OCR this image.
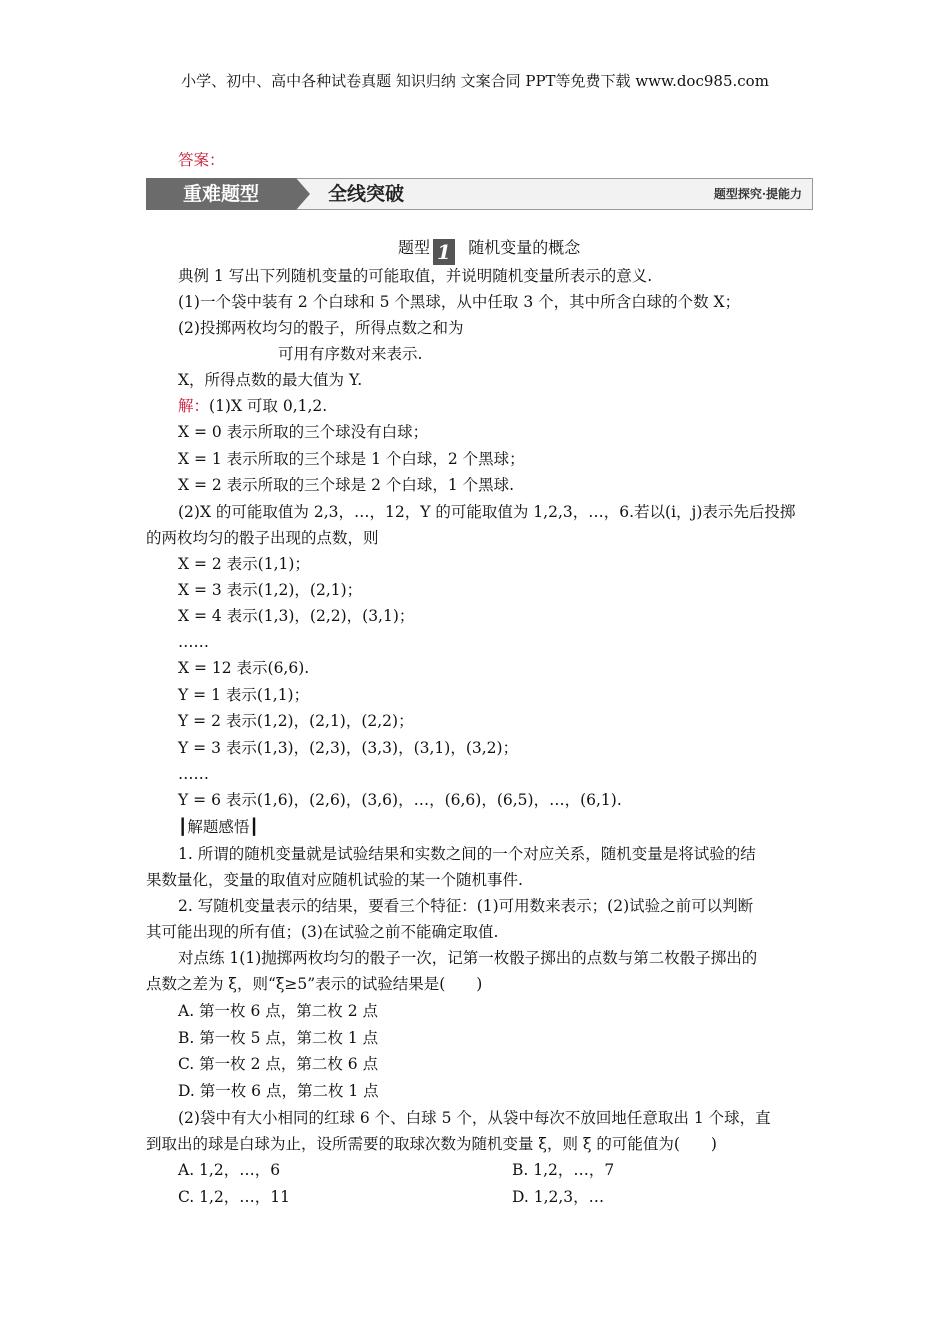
小学、初中、高中各种试卷真题 知识归纳 文案合同 PPT等免费下载 www.doc985.com
答案：
重难题型	全线突破	题型探究·提能力
题型 1 随机变量的概念
典例 1 写出下列随机变量的可能取值，并说明随机变量所表示的意义.
(1)一个袋中装有 2 个白球和 5 个黑球，从中任取 3 个，其中所含白球的个数 X；
(2)投掷两枚均匀的骰子，所得点数之和为
可用有序数对来表示.
X，所得点数的最大值为 Y.
解：(1)X 可取 0,1,2.
X = 0 表示所取的三个球没有白球；
X = 1 表示所取的三个球是 1 个白球，2 个黑球；
X = 2 表示所取的三个球是 2 个白球，1 个黑球.
(2)X 的可能取值为 2,3，…，12，Y 的可能取值为 1,2,3，…，6.若以(i，j)表示先后投掷
的两枚均匀的骰子出现的点数，则
X = 2 表示(1,1)；
X = 3 表示(1,2)，(2,1)；
X = 4 表示(1,3)，(2,2)，(3,1)；
……
X = 12 表示(6,6).
Y = 1 表示(1,1)；
Y = 2 表示(1,2)，(2,1)，(2,2)；
Y = 3 表示(1,3)，(2,3)，(3,3)，(3,1)，(3,2)；
……
Y = 6 表示(1,6)，(2,6)，(3,6)，…，(6,6)，(6,5)，…，(6,1).
┃解题感悟┃
1. 所谓的随机变量就是试验结果和实数之间的一个对应关系，随机变量是将试验的结
果数量化，变量的取值对应随机试验的某一个随机事件.
2. 写随机变量表示的结果，要看三个特征：(1)可用数来表示；(2)试验之前可以判断
其可能出现的所有值；(3)在试验之前不能确定取值.
对点练 1(1)抛掷两枚均匀的骰子一次，记第一枚骰子掷出的点数与第二枚骰子掷出的
点数之差为 ξ，则“ξ≥5”表示的试验结果是(　　)
A. 第一枚 6 点，第二枚 2 点
B. 第一枚 5 点，第二枚 1 点
C. 第一枚 2 点，第二枚 6 点
D. 第一枚 6 点，第二枚 1 点
(2)袋中有大小相同的红球 6 个、白球 5 个，从袋中每次不放回地任意取出 1 个球，直
到取出的球是白球为止，设所需要的取球次数为随机变量 ξ，则 ξ 的可能值为(　　)
A. 1,2，…，6	B. 1,2，…，7
C. 1,2，…，11	D. 1,2,3，…
